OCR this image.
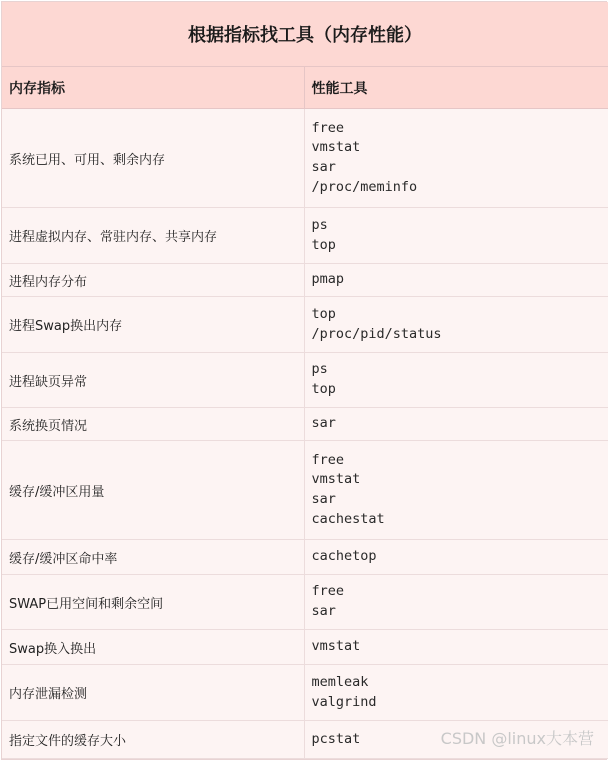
根据指标找工具（内存性能）	
内存指标	性能工具
系统已用、可用、剩余内存	free
vmstat
sar
/proc/meminfo

进程虚拟内存、常驻内存、共享内存	ps
top

进程内存分布	pmap

进程Swap换出内存	top
/proc/pid/status

进程缺页异常	ps
top

系统换页情况	sar

缓存/缓冲区用量	free
vmstat
sar
cachestat

缓存/缓冲区命中率	cachetop

SWAP已用空间和剩余空间	free
sar

Swap换入换出	vmstat

内存泄漏检测	memleak
valgrind

指定文件的缓存大小	pcstat	CSDN @linux大本营
